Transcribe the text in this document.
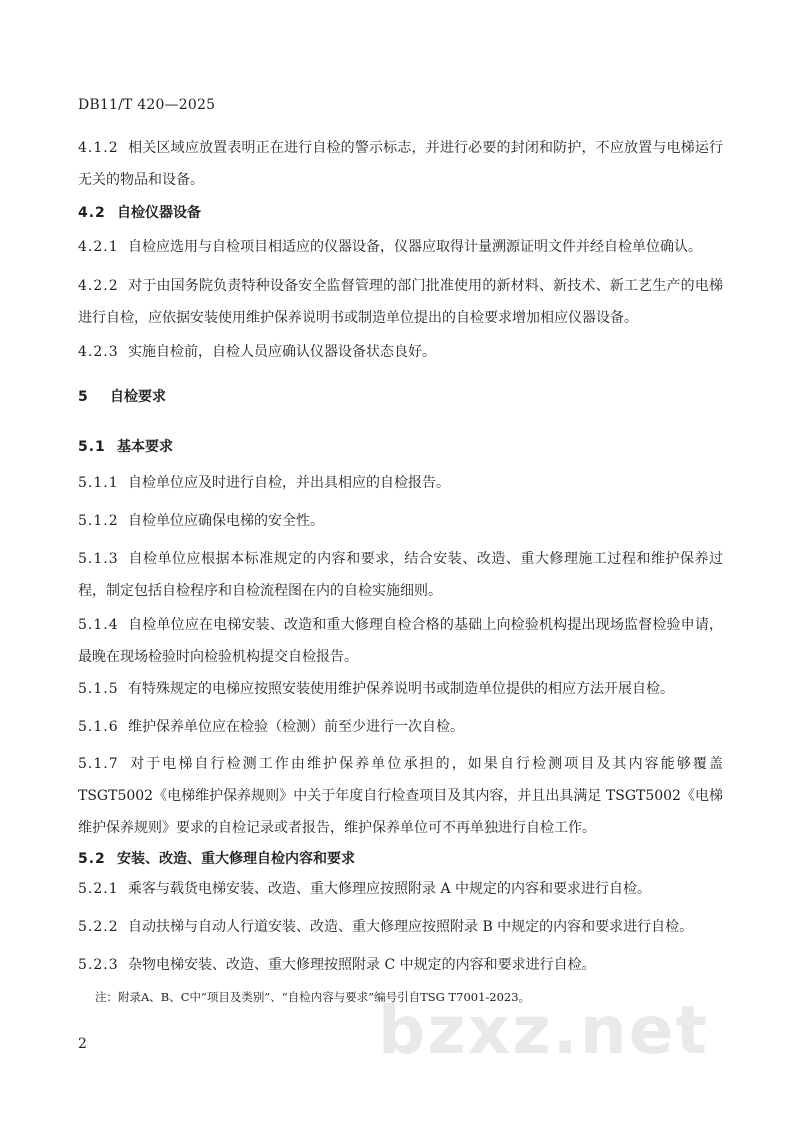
DB11/T 420—2025
4.1.2 相关区域应放置表明正在进行自检的警示标志，并进行必要的封闭和防护，不应放置与电梯运行无关的物品和设备。
4.2 自检仪器设备
4.2.1 自检应选用与自检项目相适应的仪器设备，仪器应取得计量溯源证明文件并经自检单位确认。
4.2.2 对于由国务院负责特种设备安全监督管理的部门批准使用的新材料、新技术、新工艺生产的电梯进行自检，应依据安装使用维护保养说明书或制造单位提出的自检要求增加相应仪器设备。
4.2.3 实施自检前，自检人员应确认仪器设备状态良好。
5 自检要求
5.1 基本要求
5.1.1 自检单位应及时进行自检，并出具相应的自检报告。
5.1.2 自检单位应确保电梯的安全性。
5.1.3 自检单位应根据本标准规定的内容和要求，结合安装、改造、重大修理施工过程和维护保养过程，制定包括自检程序和自检流程图在内的自检实施细则。
5.1.4 自检单位应在电梯安装、改造和重大修理自检合格的基础上向检验机构提出现场监督检验申请，最晚在现场检验时向检验机构提交自检报告。
5.1.5 有特殊规定的电梯应按照安装使用维护保养说明书或制造单位提供的相应方法开展自检。
5.1.6 维护保养单位应在检验（检测）前至少进行一次自检。
5.1.7 对于电梯自行检测工作由维护保养单位承担的，如果自行检测项目及其内容能够覆盖 TSGT5002《电梯维护保养规则》中关于年度自行检查项目及其内容，并且出具满足 TSGT5002《电梯维护保养规则》要求的自检记录或者报告，维护保养单位可不再单独进行自检工作。
5.2 安装、改造、重大修理自检内容和要求
5.2.1 乘客与载货电梯安装、改造、重大修理应按照附录 A 中规定的内容和要求进行自检。
5.2.2 自动扶梯与自动人行道安装、改造、重大修理应按照附录 B 中规定的内容和要求进行自检。
5.2.3 杂物电梯安装、改造、重大修理按照附录 C 中规定的内容和要求进行自检。
bzxz.net
注：附录A、B、C中“项目及类别”、“自检内容与要求”编号引自TSG T7001-2023。
2
